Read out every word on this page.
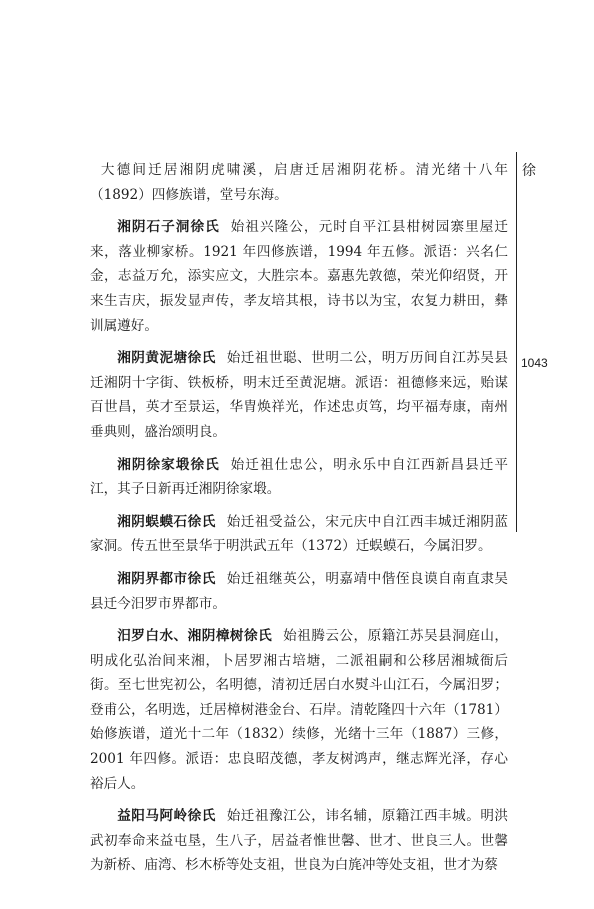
徐
1043

大德间迁居湘阴虎啸溪，启唐迁居湘阴花桥。清光绪十八年（1892）四修族谱，堂号东海。

湘阴石子洞徐氏 始祖兴隆公，元时自平江县柑树园寨里屋迁来，落业柳家桥。1921 年四修族谱，1994 年五修。派语：兴名仁金，志益万允，添实应文，大胜宗本。嘉惠先敦德，荣光仰绍贤，开来生吉庆，振发显声传，孝友培其根，诗书以为宝，农复力耕田，彝训属遵好。

湘阴黄泥塘徐氏 始迁祖世聪、世明二公，明万历间自江苏吴县迁湘阴十字街、铁板桥，明末迁至黄泥塘。派语：祖德修来远，贻谋百世昌，英才至景运，华胄焕祥光，作述忠贞笃，均平福寿康，南州垂典则，盛治颂明良。

湘阴徐家塅徐氏 始迁祖仕忠公，明永乐中自江西新昌县迁平江，其子日新再迁湘阴徐家塅。

湘阴蜈蟆石徐氏 始迁祖受益公，宋元庆中自江西丰城迁湘阴蓝家洞。传五世至景华于明洪武五年（1372）迁蜈蟆石，今属汨罗。

湘阴界都市徐氏 始迁祖继英公，明嘉靖中偕侄良谟自南直隶吴县迁今汨罗市界都市。

汨罗白水、湘阴樟树徐氏 始祖腾云公，原籍江苏吴县洞庭山，明成化弘治间来湘，卜居罗湘古培塘，二派祖嗣和公移居湘城衙后街。至七世宪初公，名明德，清初迁居白水熨斗山江石，今属汨罗；登甫公，名明选，迁居樟树港金台、石岸。清乾隆四十六年（1781）始修族谱，道光十二年（1832）续修，光绪十三年（1887）三修，2001 年四修。派语：忠良昭茂德，孝友树鸿声，继志辉光泽，存心裕后人。

益阳马阿岭徐氏 始迁祖豫江公，讳名辅，原籍江西丰城。明洪武初奉命来益屯垦，生八子，居益者惟世馨、世才、世良三人。世馨为新桥、庙湾、杉木桥等处支祖，世良为白旄冲等处支祖，世才为蔡
